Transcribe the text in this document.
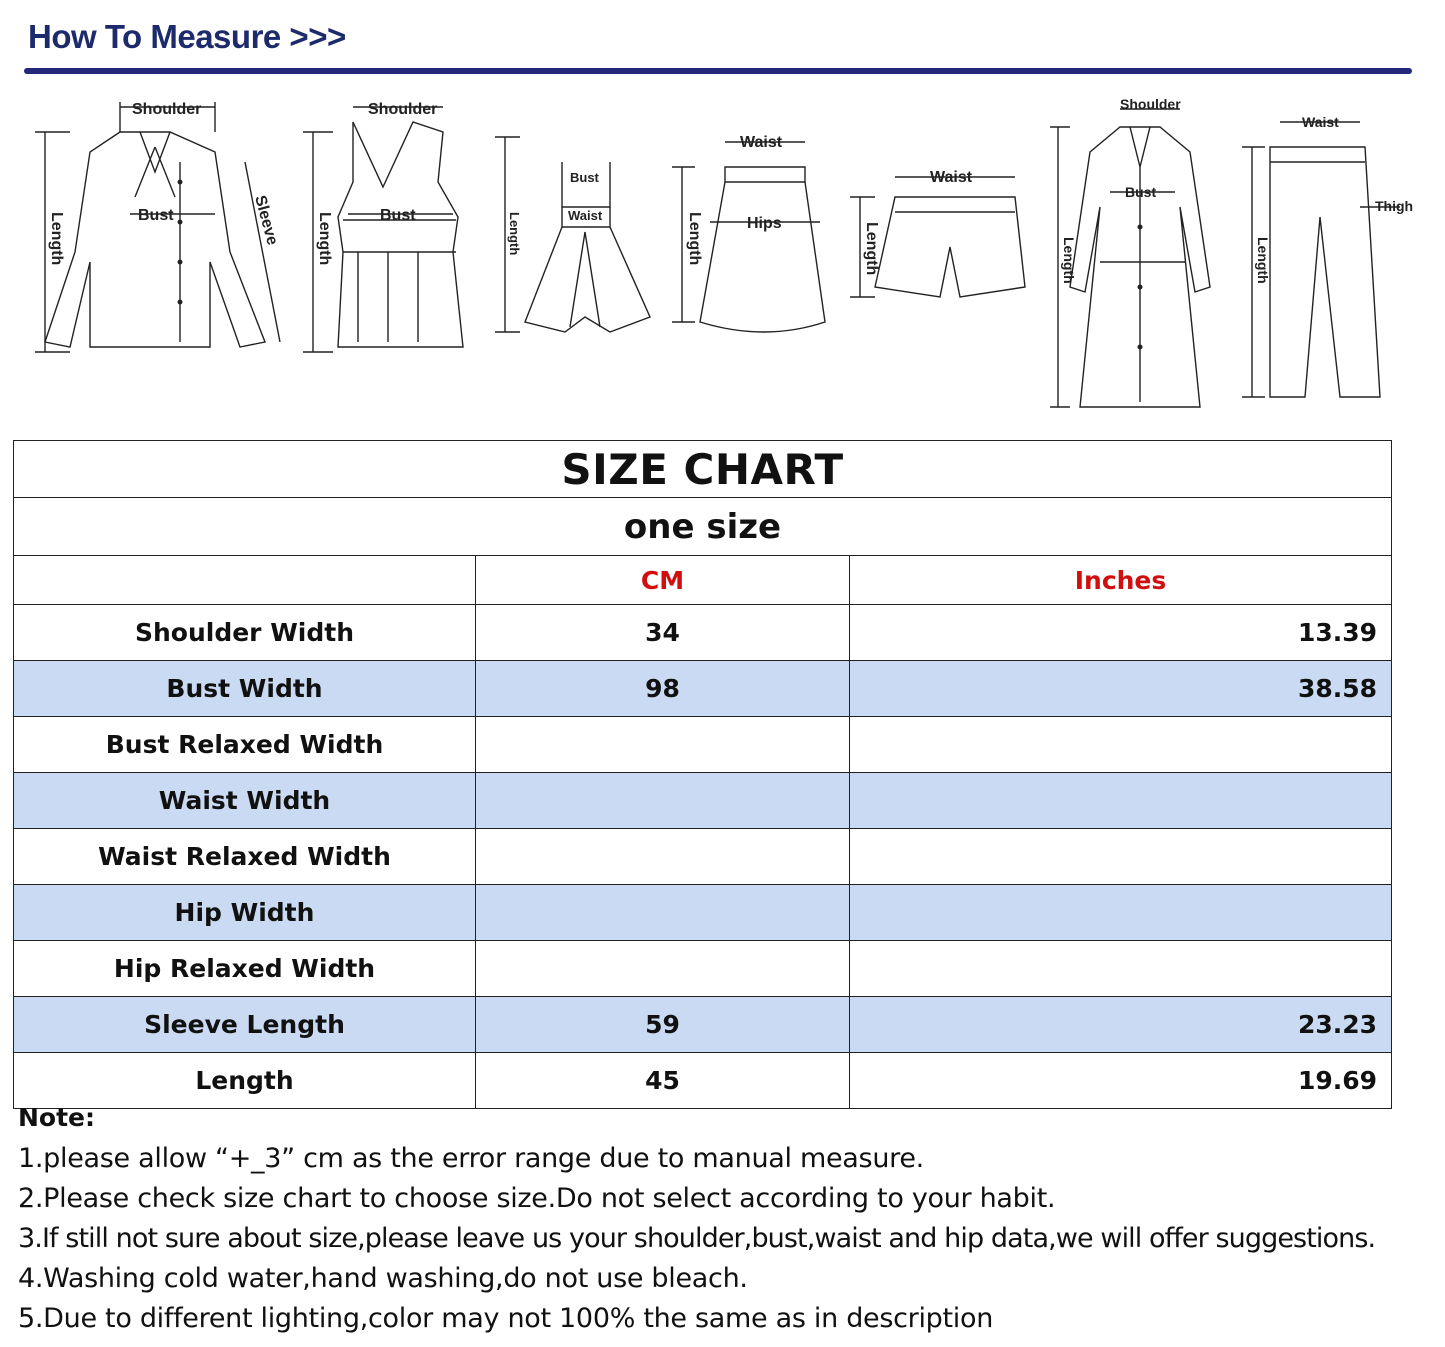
How To Measure >>>
Shoulder
Bust
Length	Sleeve
Shoulder
Bust
Length
Bust
Waist
Length
Waist
Hips
Length
Waist
Length
Shoulder
Bust
Length
Waist
Thigh
Length
SIZE CHART		
one size		
	CM	Inches
Shoulder Width	34	13.39
Bust Width	98	38.58
Bust Relaxed Width		
Waist Width		
Waist Relaxed Width		
Hip Width		
Hip Relaxed Width		
Sleeve Length	59	23.23
Length	45	19.69
Note:
1.please allow “+_3” cm as the error range due to manual measure.
2.Please check size chart to choose size.Do not select according to your habit.
3.If still not sure about size,please leave us your shoulder,bust,waist and hip data,we will offer suggestions.
4.Washing cold water,hand washing,do not use bleach.
5.Due to different lighting,color may not 100% the same as in description
